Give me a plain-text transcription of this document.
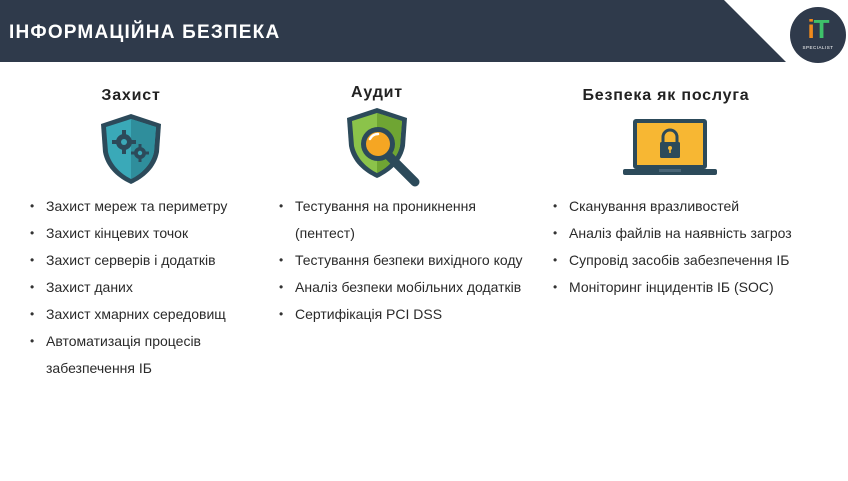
ІНФОРМАЦІЙНА БЕЗПЕКА	iT
SPECIALIST
Захист
• Захист мереж та периметру
• Захист кінцевих точок
• Захист серверів і додатків
• Захист даних
• Захист хмарних середовищ
• Автоматизація процесів
забезпечення ІБ
Аудит
• Тестування на проникнення
(пентест)
• Тестування безпеки вихідного коду
• Аналіз безпеки мобільних додатків
• Сертифікація PCI DSS
Безпека як послуга
• Сканування вразливостей
• Аналіз файлів на наявність загроз
• Супровід засобів забезпечення ІБ
• Моніторинг інцидентів ІБ (SOC)
